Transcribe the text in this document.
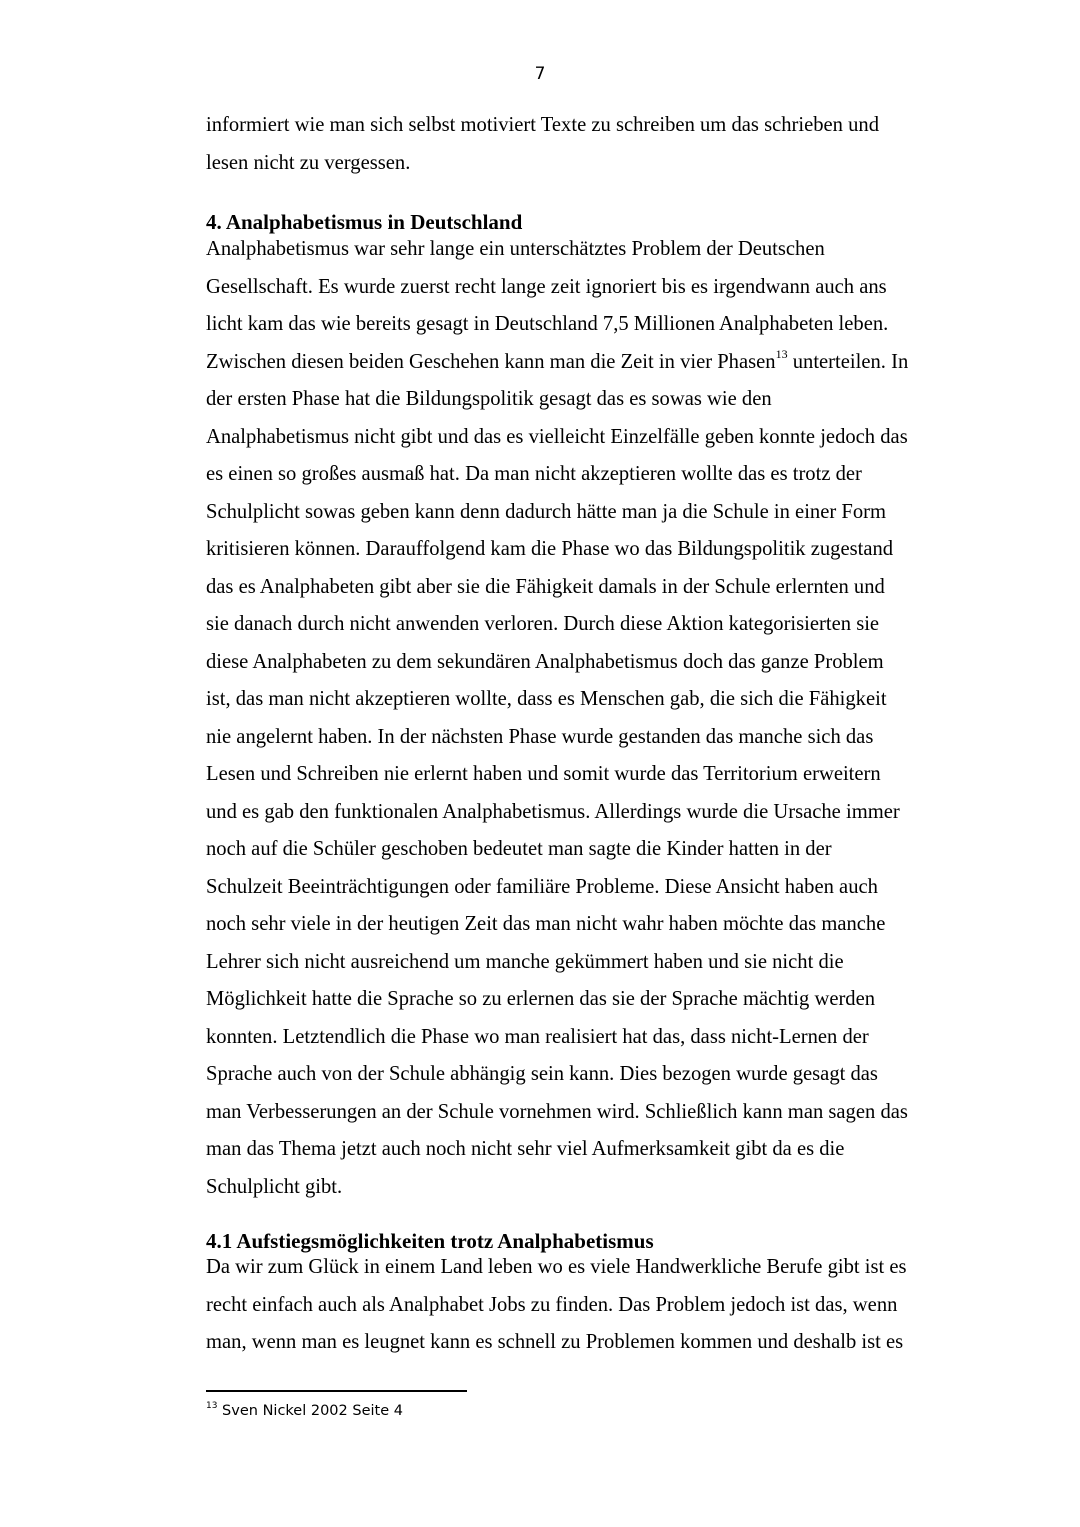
7
informiert wie man sich selbst motiviert Texte zu schreiben um das schrieben und
lesen nicht zu vergessen.
4. Analphabetismus in Deutschland
Analphabetismus war sehr lange ein unterschätztes Problem der Deutschen
Gesellschaft. Es wurde zuerst recht lange zeit ignoriert bis es irgendwann auch ans
licht kam das wie bereits gesagt in Deutschland 7,5 Millionen Analphabeten leben.
Zwischen diesen beiden Geschehen kann man die Zeit in vier Phasen$^{13}$ unterteilen. In
der ersten Phase hat die Bildungspolitik gesagt das es sowas wie den
Analphabetismus nicht gibt und das es vielleicht Einzelfälle geben konnte jedoch das
es einen so großes ausmaß hat. Da man nicht akzeptieren wollte das es trotz der
Schulplicht sowas geben kann denn dadurch hätte man ja die Schule in einer Form
kritisieren können. Darauffolgend kam die Phase wo das Bildungspolitik zugestand
das es Analphabeten gibt aber sie die Fähigkeit damals in der Schule erlernten und
sie danach durch nicht anwenden verloren. Durch diese Aktion kategorisierten sie
diese Analphabeten zu dem sekundären Analphabetismus doch das ganze Problem
ist, das man nicht akzeptieren wollte, dass es Menschen gab, die sich die Fähigkeit
nie angelernt haben. In der nächsten Phase wurde gestanden das manche sich das
Lesen und Schreiben nie erlernt haben und somit wurde das Territorium erweitern
und es gab den funktionalen Analphabetismus. Allerdings wurde die Ursache immer
noch auf die Schüler geschoben bedeutet man sagte die Kinder hatten in der
Schulzeit Beeinträchtigungen oder familiäre Probleme. Diese Ansicht haben auch
noch sehr viele in der heutigen Zeit das man nicht wahr haben möchte das manche
Lehrer sich nicht ausreichend um manche gekümmert haben und sie nicht die
Möglichkeit hatte die Sprache so zu erlernen das sie der Sprache mächtig werden
konnten. Letztendlich die Phase wo man realisiert hat das, dass nicht-Lernen der
Sprache auch von der Schule abhängig sein kann. Dies bezogen wurde gesagt das
man Verbesserungen an der Schule vornehmen wird. Schließlich kann man sagen das
man das Thema jetzt auch noch nicht sehr viel Aufmerksamkeit gibt da es die
Schulplicht gibt.
4.1 Aufstiegsmöglichkeiten trotz Analphabetismus
Da wir zum Glück in einem Land leben wo es viele Handwerkliche Berufe gibt ist es
recht einfach auch als Analphabet Jobs zu finden. Das Problem jedoch ist das, wenn
man, wenn man es leugnet kann es schnell zu Problemen kommen und deshalb ist es
$^{13}$ Sven Nickel 2002 Seite 4
